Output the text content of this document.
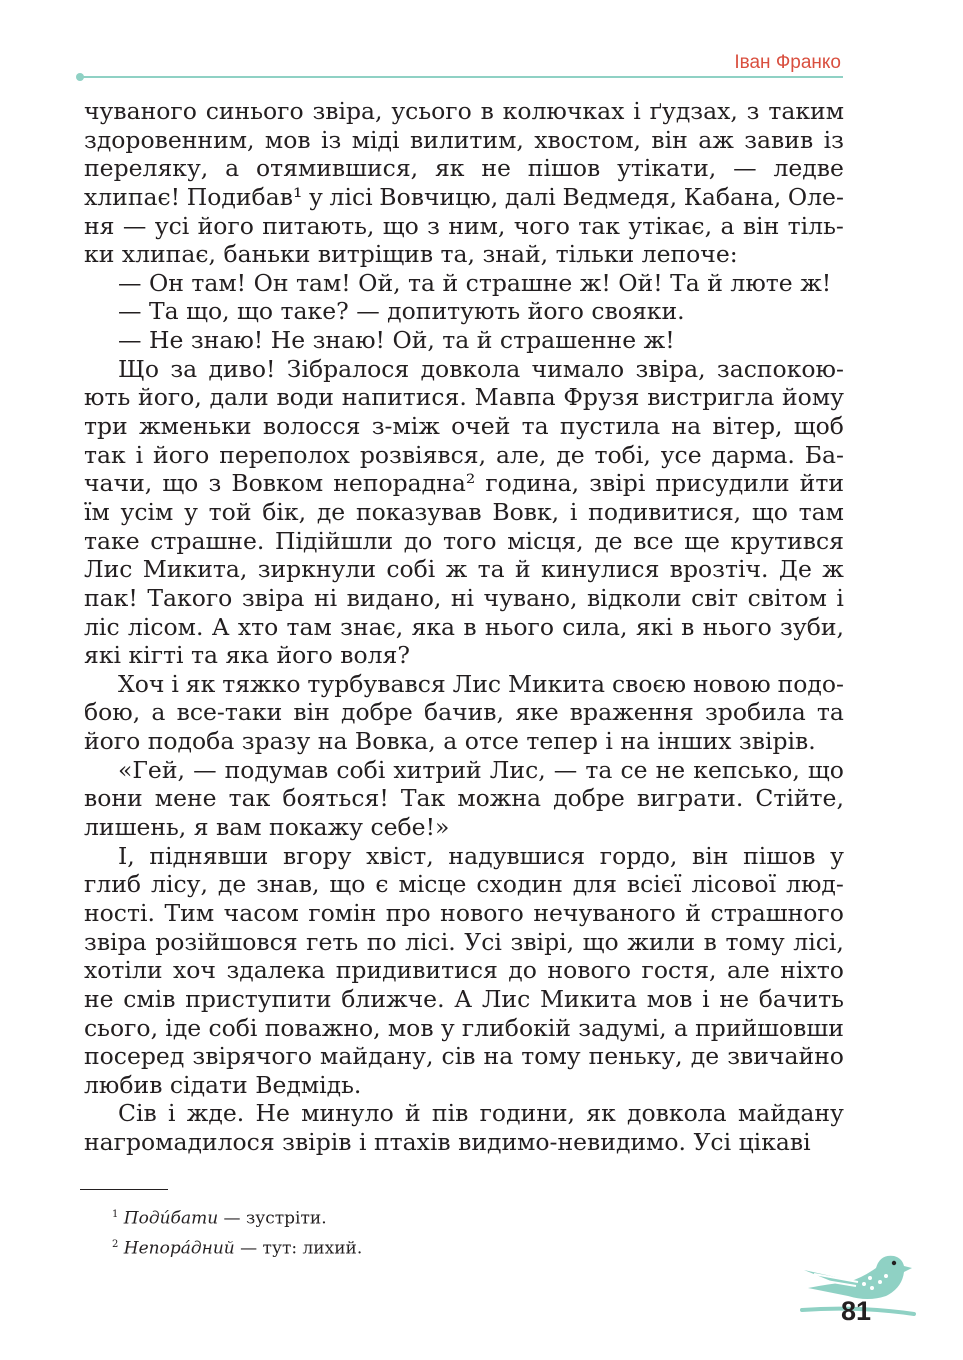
Іван Франко
чуваного синього звіра, усього в колючках і ґудзах, з таким
здоровенним, мов із міді вилитим, хвостом, він аж завив із
переляку, а отямившися, як не пішов утікати, — ледве
хлипає! Подибав¹ у лісі Вовчицю, далі Ведмедя, Кабана, Оле-
ня — усі його питають, що з ним, чого так утікає, а він тіль-
ки хлипає, баньки витріщив та, знай, тільки лепоче:
— Он там! Он там! Ой, та й страшне ж! Ой! Та й люте ж!
— Та що, що таке? — допитують його свояки.
— Не знаю! Не знаю! Ой, та й страшенне ж!
Що за диво! Зібралося довкола чимало звіра, заспокою-
ють його, дали води напитися. Мавпа Фрузя вистригла йому
три жменьки волосся з-між очей та пустила на вітер, щоб
так і його переполох розвіявся, але, де тобі, усе дарма. Ба-
чачи, що з Вовком непорадна² година, звірі присудили йти
їм усім у той бік, де показував Вовк, і подивитися, що там
таке страшне. Підійшли до того місця, де все ще крутився
Лис Микита, зиркнули собі ж та й кинулися врозтіч. Де ж
пак! Такого звіра ні видано, ні чувано, відколи світ світом і
ліс лісом. А хто там знає, яка в нього сила, які в нього зуби,
які кігті та яка його воля?
Хоч і як тяжко турбувався Лис Микита своєю новою подо-
бою, а все-таки він добре бачив, яке враження зробила та
його подоба зразу на Вовка, а отсе тепер і на інших звірів.
«Гей, — подумав собі хитрий Лис, — та се не кепсько, що
вони мене так бояться! Так можна добре виграти. Стійте,
лишень, я вам покажу себе!»
І, піднявши вгору хвіст, надувшися гордо, він пішов у
глиб лісу, де знав, що є місце сходин для всієї лісової люд-
ності. Тим часом гомін про нового нечуваного й страшного
звіра розійшовся геть по лісі. Усі звірі, що жили в тому лісі,
хотіли хоч здалека придивитися до нового гостя, але ніхто
не смів приступити ближче. А Лис Микита мов і не бачить
сього, іде собі поважно, мов у глибокій задумі, а прийшовши
посеред звірячого майдану, сів на тому пеньку, де звичайно
любив сідати Ведмідь.
Сів і жде. Не минуло й пів години, як довкола майдану
нагромадилося звірів і птахів видимо-невидимо. Усі цікаві
$^1$ Поди́бати — зустріти.
$^2$ Непора́дний — тут: лихий.
81
